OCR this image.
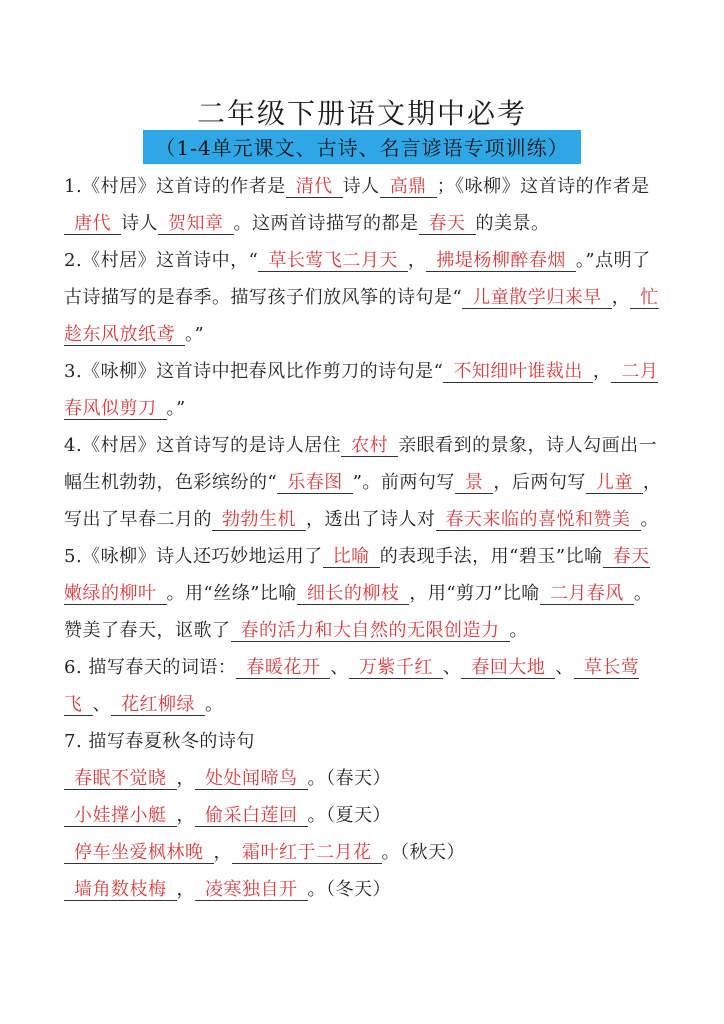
二年级下册语文期中必考
（1-4单元课文、古诗、名言谚语专项训练）

1.《村居》这首诗的作者是 清代 诗人 高鼎 ；《咏柳》这首诗的作者是唐代 诗人 贺知章 。这两首诗描写的都是 春天 的美景。

2.《村居》这首诗中，“ 草长莺飞二月天 ， 拂堤杨柳醉春烟 。”点明了古诗描写的是春季。描写孩子们放风筝的诗句是“ 儿童散学归来早 ， 忙趁东风放纸鸢 。”

3.《咏柳》这首诗中把春风比作剪刀的诗句是“ 不知细叶谁裁出 ， 二月春风似剪刀 。”

4.《村居》这首诗写的是诗人居住 农村 亲眼看到的景象，诗人勾画出一幅生机勃勃，色彩缤纷的“ 乐春图 ”。前两句写 景 ，后两句写 儿童 ，写出了早春二月的 勃勃生机 ，透出了诗人对 春天来临的喜悦和赞美 。

5.《咏柳》诗人还巧妙地运用了 比喻 的表现手法，用“碧玉”比喻 春天嫩绿的柳叶 。用“丝绦”比喻 细长的柳枝 ，用“剪刀”比喻 二月春风 。赞美了春天，讴歌了 春的活力和大自然的无限创造力 。

6. 描写春天的词语： 春暖花开 、 万紫千红 、 春回大地 、 草长莺飞 、 花红柳绿 。

7. 描写春夏秋冬的诗句

春眠不觉晓 ， 处处闻啼鸟 。（春天）

小娃撑小艇 ， 偷采白莲回 。（夏天）

停车坐爱枫林晚 ， 霜叶红于二月花 。（秋天）

墙角数枝梅 ， 凌寒独自开 。（冬天）
